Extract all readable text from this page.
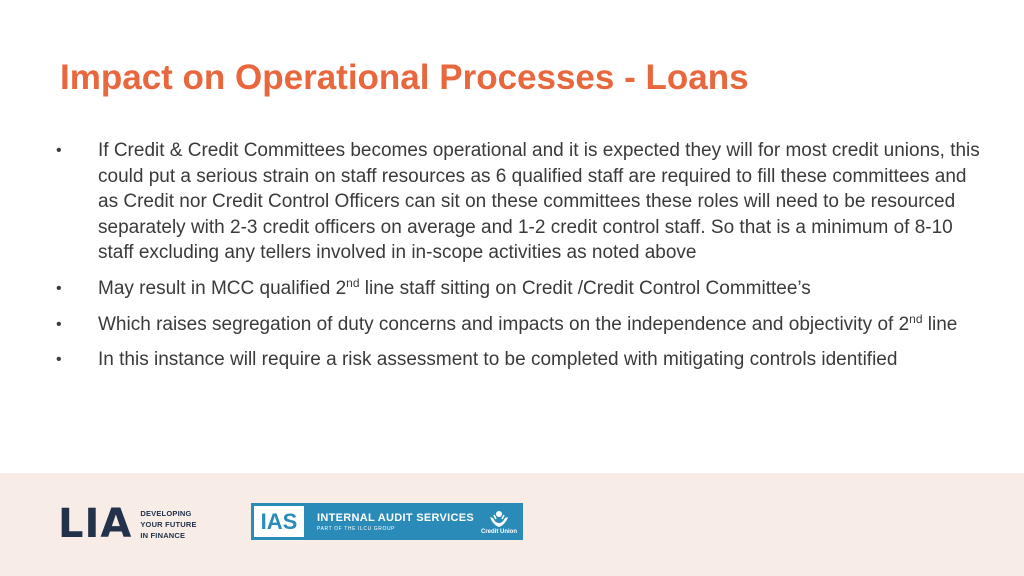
Impact on Operational Processes - Loans
•	If Credit & Credit Committees becomes operational and it is expected they will for most credit unions, this could put a serious strain on staff resources as 6 qualified staff are required to fill these committees and as Credit nor Credit Control Officers can sit on these committees these roles will need to be resourced separately with 2-3 credit officers on average and 1-2 credit control staff. So that is a minimum of 8-10 staff excluding any tellers involved in in-scope activities as noted above
•	May result in MCC qualified 2nd line staff sitting on Credit /Credit Control Committee’s
•	Which raises segregation of duty concerns and impacts on the independence and objectivity of 2nd line
•	In this instance will require a risk assessment to be completed with mitigating controls identified
LIA DEVELOPING
YOUR FUTURE
IN FINANCE
IAS	INTERNAL AUDIT SERVICES
PART OF THE ILCU GROUP	Credit Union
